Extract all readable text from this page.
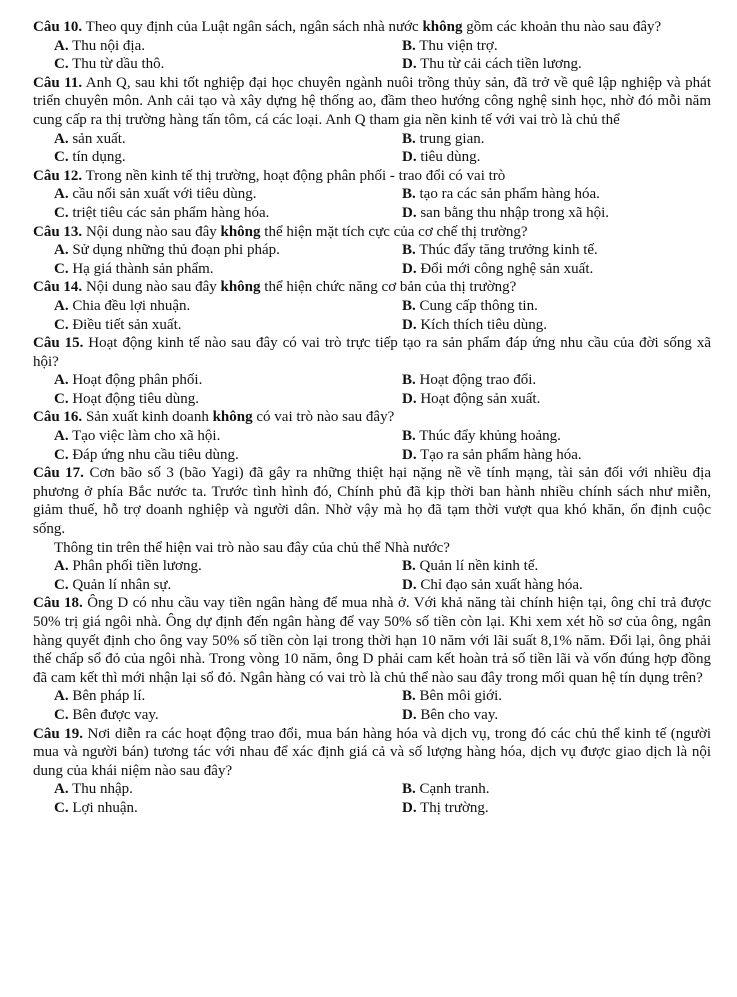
Câu 10. Theo quy định của Luật ngân sách, ngân sách nhà nước không gồm các khoản thu nào sau đây?

A. Thu nội địa.	B. Thu viện trợ.
C. Thu từ dầu thô.	D. Thu từ cải cách tiền lương.

Câu 11. Anh Q, sau khi tốt nghiệp đại học chuyên ngành nuôi trồng thủy sản, đã trở về quê lập nghiệp và phát triển chuyên môn. Anh cải tạo và xây dựng hệ thống ao, đầm theo hướng công nghệ sinh học, nhờ đó mỗi năm cung cấp ra thị trường hàng tấn tôm, cá các loại. Anh Q tham gia nền kinh tế với vai trò là chủ thể

A. sản xuất.	B. trung gian.
C. tín dụng.	D. tiêu dùng.

Câu 12. Trong nền kinh tế thị trường, hoạt động phân phối - trao đổi có vai trò

A. cầu nối sản xuất với tiêu dùng.	B. tạo ra các sản phẩm hàng hóa.
C. triệt tiêu các sản phẩm hàng hóa.	D. san bằng thu nhập trong xã hội.

Câu 13. Nội dung nào sau đây không thể hiện mặt tích cực của cơ chế thị trường?

A. Sử dụng những thủ đoạn phi pháp.	B. Thúc đẩy tăng trưởng kinh tế.
C. Hạ giá thành sản phẩm.	D. Đổi mới công nghệ sản xuất.

Câu 14. Nội dung nào sau đây không thể hiện chức năng cơ bản của thị trường?

A. Chia đều lợi nhuận.	B. Cung cấp thông tin.
C. Điều tiết sản xuất.	D. Kích thích tiêu dùng.

Câu 15. Hoạt động kinh tế nào sau đây có vai trò trực tiếp tạo ra sản phẩm đáp ứng nhu cầu của đời sống xã hội?

A. Hoạt động phân phối.	B. Hoạt động trao đổi.
C. Hoạt động tiêu dùng.	D. Hoạt động sản xuất.

Câu 16. Sản xuất kinh doanh không có vai trò nào sau đây?

A. Tạo việc làm cho xã hội.	B. Thúc đẩy khủng hoảng.
C. Đáp ứng nhu cầu tiêu dùng.	D. Tạo ra sản phẩm hàng hóa.

Câu 17. Cơn bão số 3 (bão Yagi) đã gây ra những thiệt hại nặng nề về tính mạng, tài sản đối với nhiều địa phương ở phía Bắc nước ta. Trước tình hình đó, Chính phủ đã kịp thời ban hành nhiều chính sách như miễn, giảm thuế, hỗ trợ doanh nghiệp và người dân. Nhờ vậy mà họ đã tạm thời vượt qua khó khăn, ổn định cuộc sống.

Thông tin trên thể hiện vai trò nào sau đây của chủ thể Nhà nước?

A. Phân phối tiền lương.	B. Quản lí nền kinh tế.
C. Quản lí nhân sự.	D. Chỉ đạo sản xuất hàng hóa.

Câu 18. Ông D có nhu cầu vay tiền ngân hàng để mua nhà ở. Với khả năng tài chính hiện tại, ông chỉ trả được 50% trị giá ngôi nhà. Ông dự định đến ngân hàng để vay 50% số tiền còn lại. Khi xem xét hồ sơ của ông, ngân hàng quyết định cho ông vay 50% số tiền còn lại trong thời hạn 10 năm với lãi suất 8,1% năm. Đổi lại, ông phải thế chấp sổ đỏ của ngôi nhà. Trong vòng 10 năm, ông D phải cam kết hoàn trả số tiền lãi và vốn đúng hợp đồng đã cam kết thì mới nhận lại sổ đỏ. Ngân hàng có vai trò là chủ thể nào sau đây trong mối quan hệ tín dụng trên?

A. Bên pháp lí.	B. Bên môi giới.
C. Bên được vay.	D. Bên cho vay.

Câu 19. Nơi diễn ra các hoạt động trao đổi, mua bán hàng hóa và dịch vụ, trong đó các chủ thể kinh tế (người mua và người bán) tương tác với nhau để xác định giá cả và số lượng hàng hóa, dịch vụ được giao dịch là nội dung của khái niệm nào sau đây?

A. Thu nhập.	B. Cạnh tranh.
C. Lợi nhuận.	D. Thị trường.
